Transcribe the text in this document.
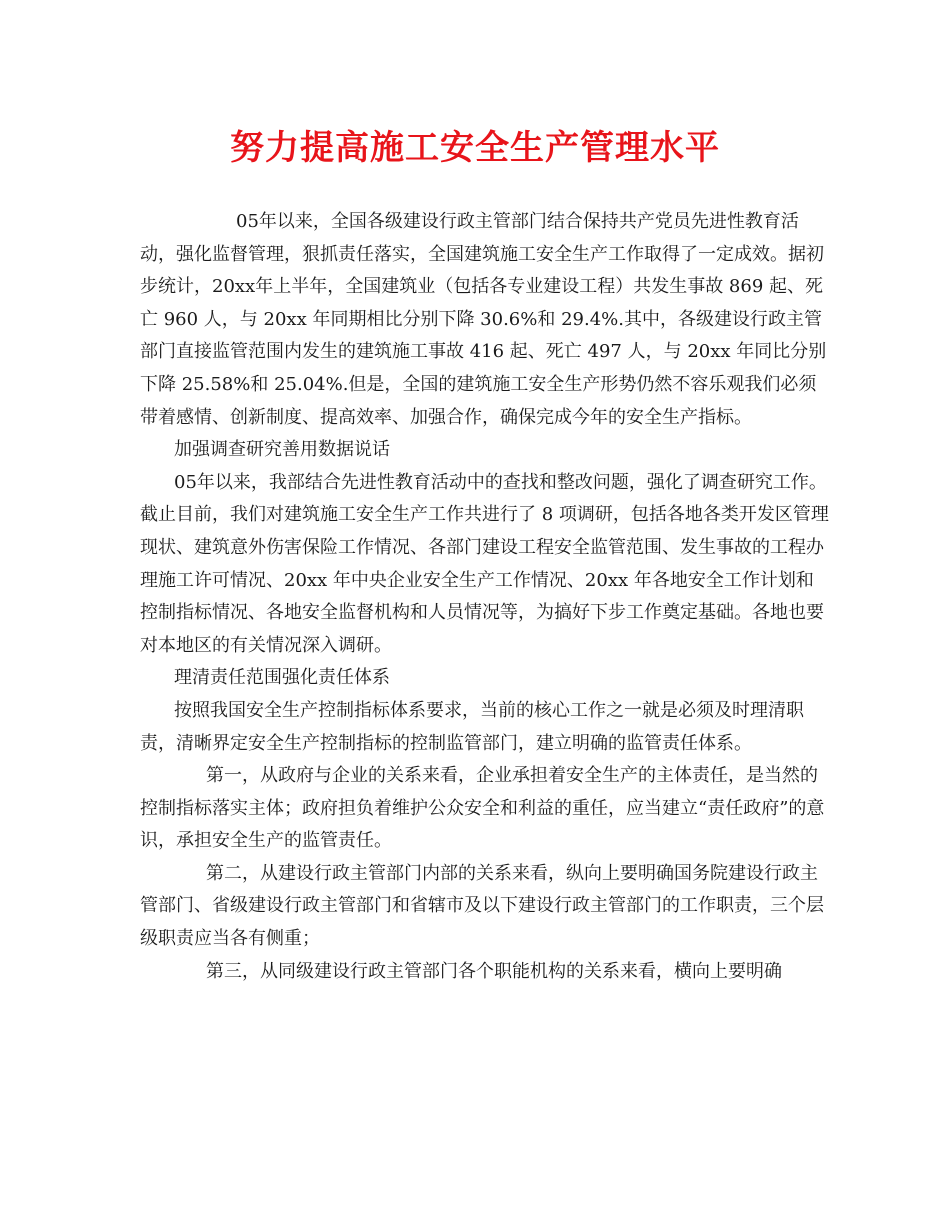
努力提高施工安全生产管理水平

05年以来，全国各级建设行政主管部门结合保持共产党员先进性教育活动，强化监督管理，狠抓责任落实，全国建筑施工安全生产工作取得了一定成效。据初步统计，20xx年上半年，全国建筑业（包括各专业建设工程）共发生事故 869 起、死亡 960 人，与 20xx 年同期相比分别下降 30.6%和 29.4%.其中，各级建设行政主管部门直接监管范围内发生的建筑施工事故 416 起、死亡 497 人，与 20xx 年同比分别下降 25.58%和 25.04%.但是，全国的建筑施工安全生产形势仍然不容乐观我们必须带着感情、创新制度、提高效率、加强合作，确保完成今年的安全生产指标。

加强调查研究善用数据说话

05年以来，我部结合先进性教育活动中的查找和整改问题，强化了调查研究工作。截止目前，我们对建筑施工安全生产工作共进行了 8 项调研，包括各地各类开发区管理现状、建筑意外伤害保险工作情况、各部门建设工程安全监管范围、发生事故的工程办理施工许可情况、20xx 年中央企业安全生产工作情况、20xx 年各地安全工作计划和控制指标情况、各地安全监督机构和人员情况等，为搞好下步工作奠定基础。各地也要对本地区的有关情况深入调研。

理清责任范围强化责任体系

按照我国安全生产控制指标体系要求，当前的核心工作之一就是必须及时理清职责，清晰界定安全生产控制指标的控制监管部门，建立明确的监管责任体系。

第一，从政府与企业的关系来看，企业承担着安全生产的主体责任，是当然的控制指标落实主体；政府担负着维护公众安全和利益的重任，应当建立“责任政府”的意识，承担安全生产的监管责任。

第二，从建设行政主管部门内部的关系来看，纵向上要明确国务院建设行政主管部门、省级建设行政主管部门和省辖市及以下建设行政主管部门的工作职责，三个层级职责应当各有侧重；

第三，从同级建设行政主管部门各个职能机构的关系来看，横向上要明确
